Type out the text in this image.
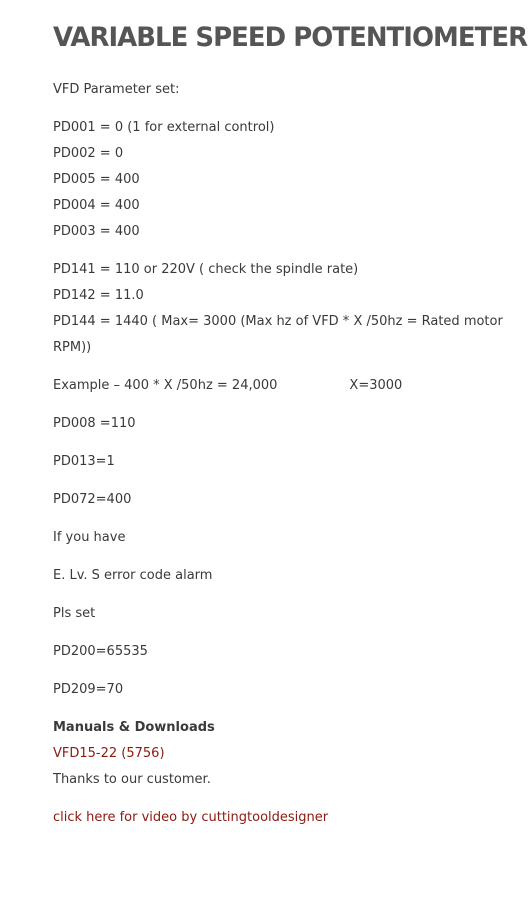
VARIABLE SPEED POTENTIOMETER

VFD Parameter set:

PD001 = 0 (1 for external control)

PD002 = 0

PD005 = 400

PD004 = 400

PD003 = 400

PD141 = 110 or 220V ( check the spindle rate)

PD142 = 11.0

PD144 = 1440 ( Max= 3000 (Max hz of VFD * X /50hz = Rated motor RPM))

Example – 400 * X /50hz = 24,000	X=3000

PD008 =110

PD013=1

PD072=400

If you have

E. Lv. S error code alarm

Pls set

PD200=65535

PD209=70

Manuals & Downloads

VFD15-22 (5756)

Thanks to our customer.

click here for video by cuttingtooldesigner
